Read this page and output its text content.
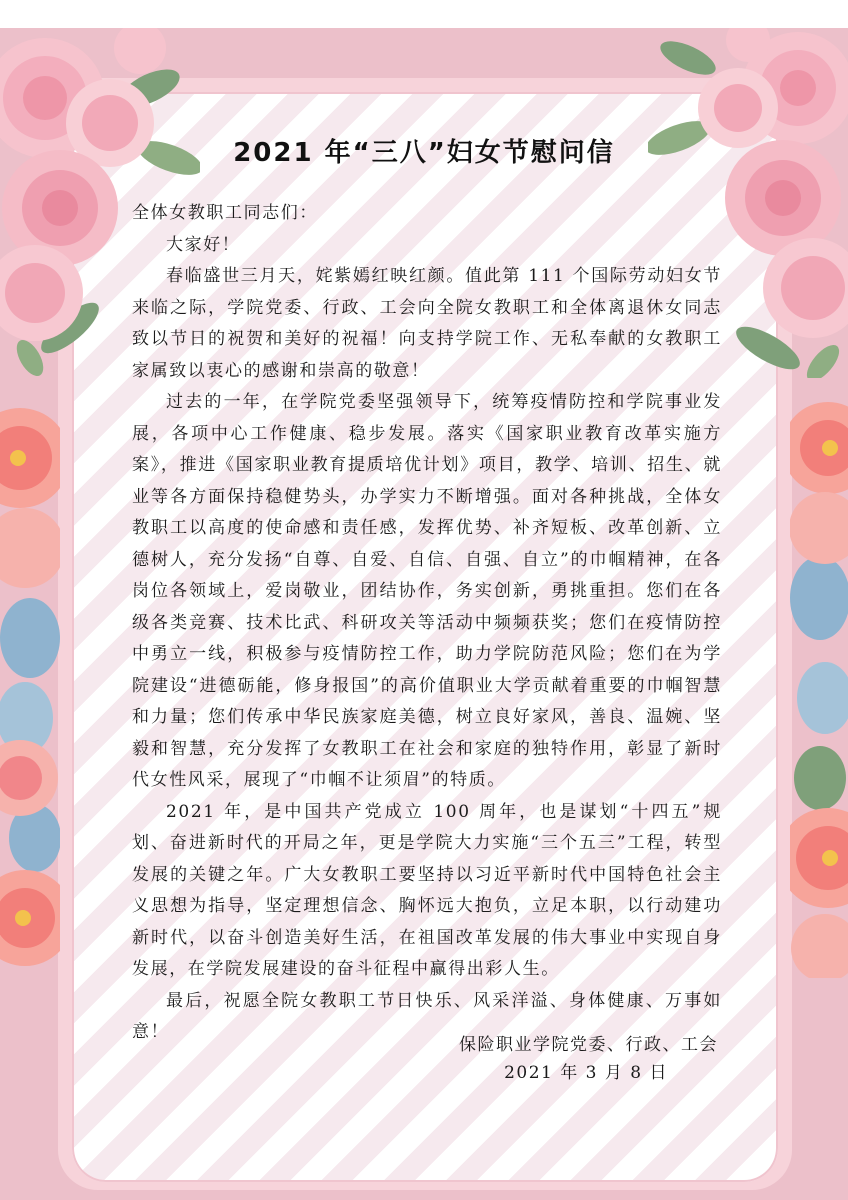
2021 年“三八”妇女节慰问信

全体女教职工同志们：

大家好！

春临盛世三月天，姹紫嫣红映红颜。值此第 111 个国际劳动妇女节来临之际，学院党委、行政、工会向全院女教职工和全体离退休女同志致以节日的祝贺和美好的祝福！向支持学院工作、无私奉献的女教职工家属致以衷心的感谢和崇高的敬意！

过去的一年，在学院党委坚强领导下，统筹疫情防控和学院事业发展，各项中心工作健康、稳步发展。落实《国家职业教育改革实施方案》，推进《国家职业教育提质培优计划》项目，教学、培训、招生、就业等各方面保持稳健势头，办学实力不断增强。面对各种挑战，全体女教职工以高度的使命感和责任感，发挥优势、补齐短板、改革创新、立德树人，充分发扬“自尊、自爱、自信、自强、自立”的巾帼精神，在各岗位各领域上，爱岗敬业，团结协作，务实创新，勇挑重担。您们在各级各类竞赛、技术比武、科研攻关等活动中频频获奖；您们在疫情防控中勇立一线，积极参与疫情防控工作，助力学院防范风险；您们在为学院建设“进德砺能，修身报国”的高价值职业大学贡献着重要的巾帼智慧和力量；您们传承中华民族家庭美德，树立良好家风，善良、温婉、坚毅和智慧，充分发挥了女教职工在社会和家庭的独特作用，彰显了新时代女性风采，展现了“巾帼不让须眉”的特质。

2021 年，是中国共产党成立 100 周年，也是谋划“十四五”规划、奋进新时代的开局之年，更是学院大力实施“三个五三”工程，转型发展的关键之年。广大女教职工要坚持以习近平新时代中国特色社会主义思想为指导，坚定理想信念、胸怀远大抱负，立足本职，以行动建功新时代，以奋斗创造美好生活，在祖国改革发展的伟大事业中实现自身发展，在学院发展建设的奋斗征程中赢得出彩人生。

最后，祝愿全院女教职工节日快乐、风采洋溢、身体健康、万事如意！

保险职业学院党委、行政、工会
2021 年 3 月 8 日
